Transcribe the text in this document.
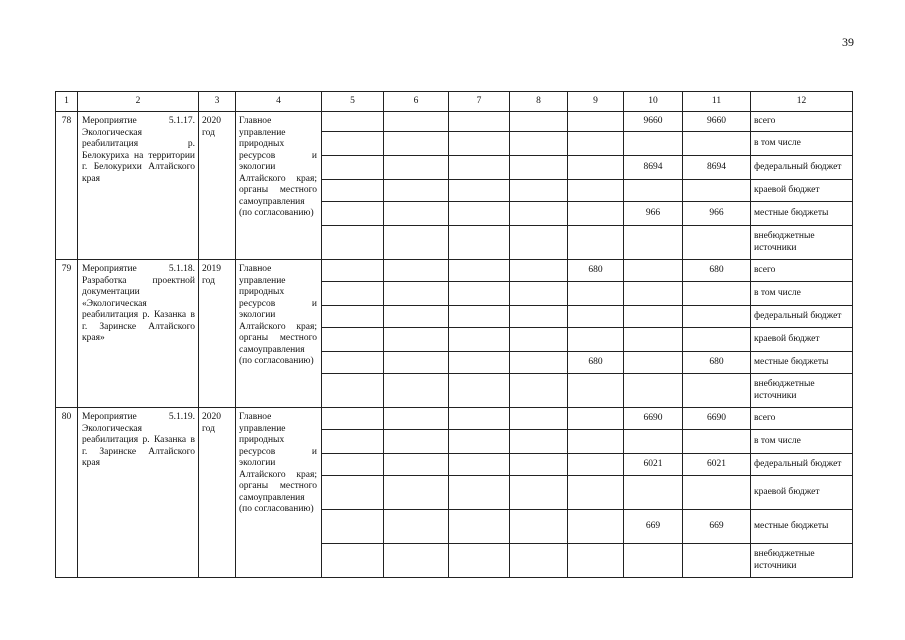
39
1	2	3	4	5	6	7	8	9	10	11	12
78	Мероприятие 5.1.17. Экологическая реабилитация р. Белокуриха на территории г. Белокурихи Алтайского края	2020 год	Главное управление природных ресурсов и экологии Алтайского края; органы местного самоуправления (по согласованию)						9660	9660	всего
											в том числе
									8694	8694	федеральный бюджет
											краевой бюджет
									966	966	местные бюджеты
											внебюджетные источники
79	Мероприятие 5.1.18. Разработка проектной документации «Экологическая реабилитация р. Казанка в г. Заринске Алтайского края»	2019 год	Главное управление природных ресурсов и экологии Алтайского края; органы местного самоуправления (по согласованию)					680		680	всего
											в том числе
											федеральный бюджет
											краевой бюджет
								680		680	местные бюджеты
											внебюджетные источники
80	Мероприятие 5.1.19. Экологическая реабилитация р. Казанка в г. Заринске Алтайского края	2020 год	Главное управление природных ресурсов и экологии Алтайского края; органы местного самоуправления (по согласованию)						6690	6690	всего
											в том числе
									6021	6021	федеральный бюджет
											краевой бюджет
									669	669	местные бюджеты
											внебюджетные источники
